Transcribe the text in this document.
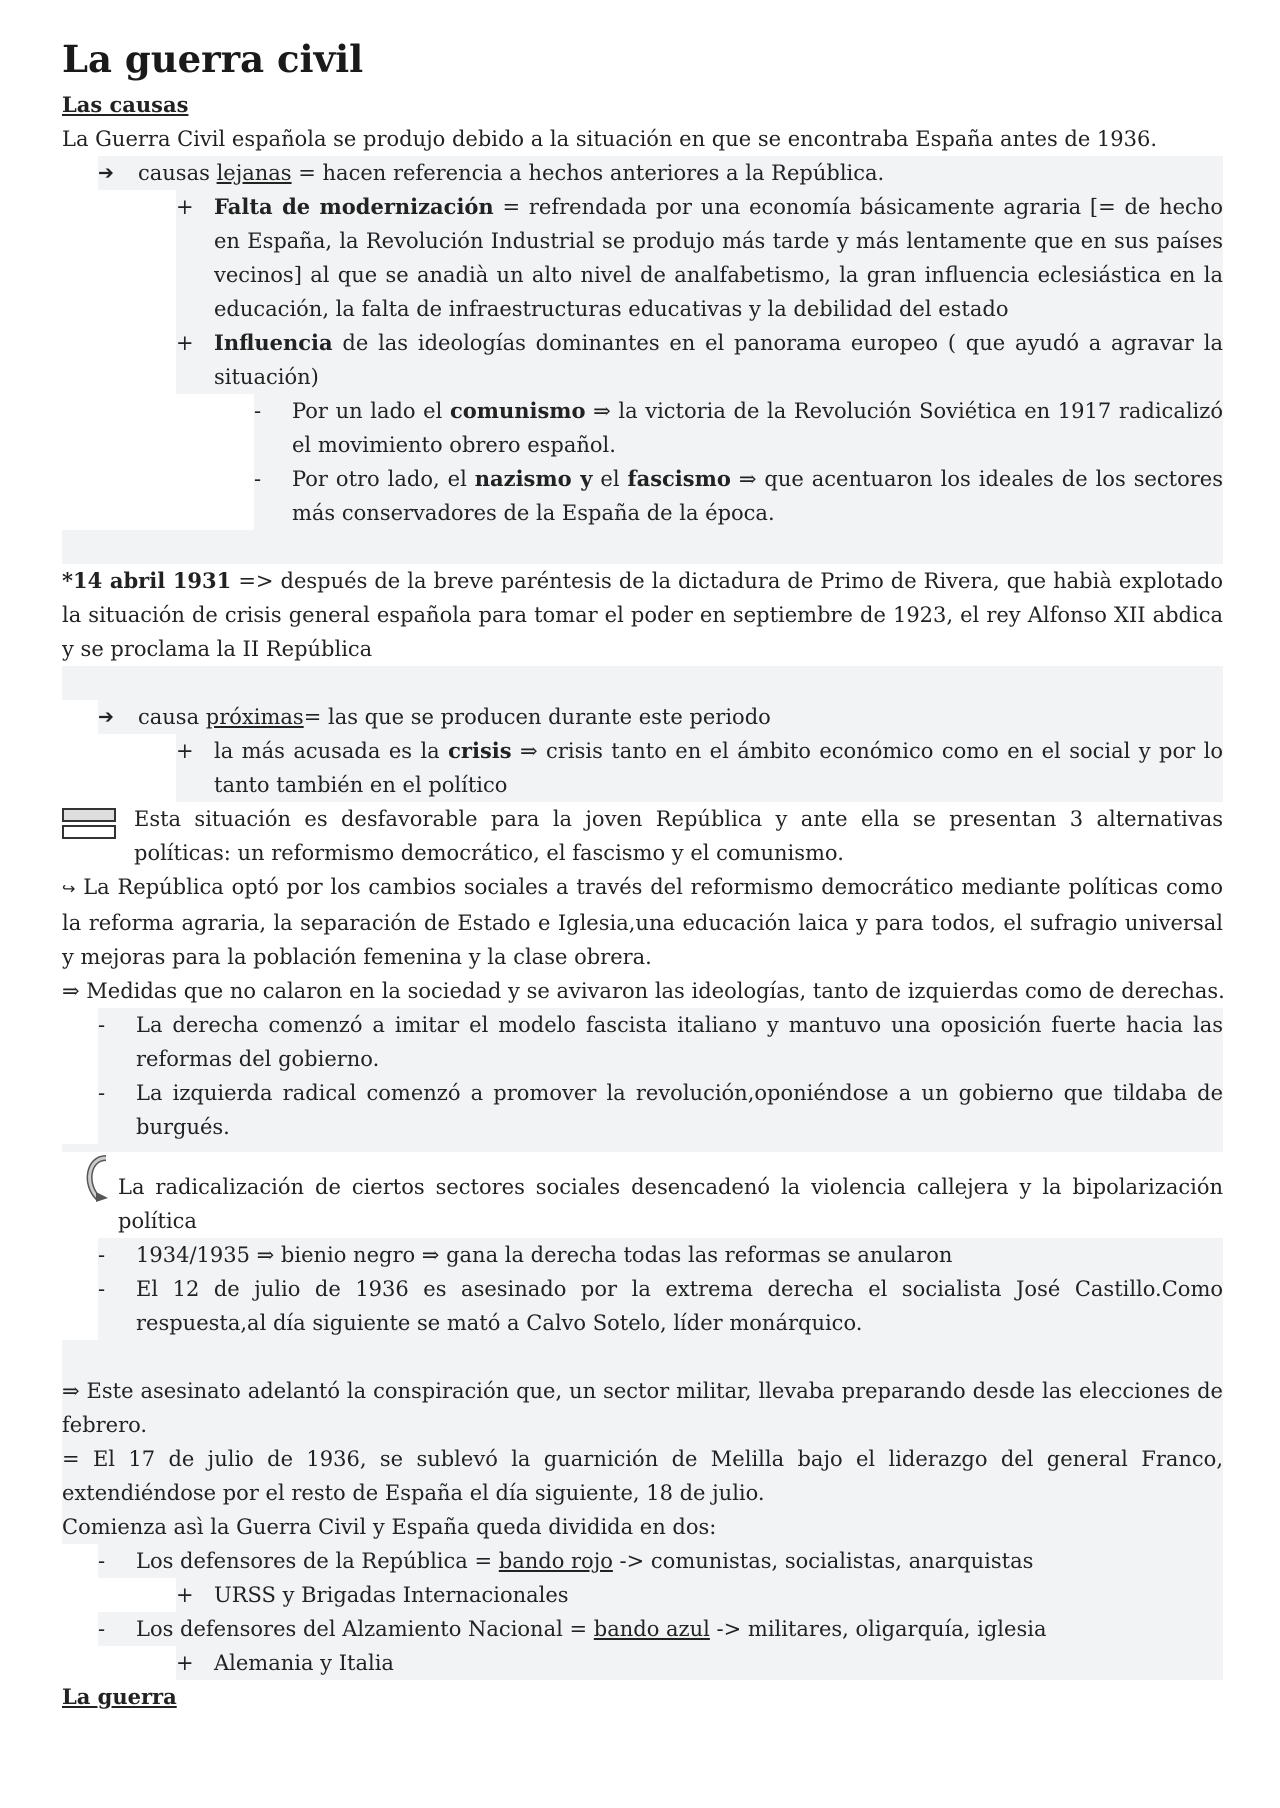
La guerra civil
Las causas
La Guerra Civil española se produjo debido a la situación en que se encontraba España antes de 1936.
➔	causas lejanas = hacen referencia a hechos anteriores a la República.
+ Falta de modernización = refrendada por una economía básicamente agraria [= de hecho en España, la Revolución Industrial se produjo más tarde y más lentamente que en sus países vecinos] al que se anadià un alto nivel de analfabetismo, la gran influencia eclesiástica en la educación, la falta de infraestructuras educativas y la debilidad del estado
+ Influencia de las ideologías dominantes en el panorama europeo ( que ayudó a agravar la situación)
-	Por un lado el comunismo ⇒ la victoria de la Revolución Soviética en 1917 radicalizó el movimiento obrero español.
-	Por otro lado, el nazismo y el fascismo ⇒ que acentuaron los ideales de los sectores más conservadores de la España de la época.
*14 abril 1931 => después de la breve paréntesis de la dictadura de Primo de Rivera, que habià explotado la situación de crisis general española para tomar el poder en septiembre de 1923, el rey Alfonso XII abdica y se proclama la II República
➔	causa próximas= las que se producen durante este periodo
+ la más acusada es la crisis ⇒ crisis tanto en el ámbito económico como en el social y por lo tanto también en el político
Esta situación es desfavorable para la joven República y ante ella se presentan 3 alternativas políticas: un reformismo democrático, el fascismo y el comunismo.
↪ La República optó por los cambios sociales a través del reformismo democrático mediante políticas como la reforma agraria, la separación de Estado e Iglesia,una educación laica y para todos, el sufragio universal y mejoras para la población femenina y la clase obrera.
⇒ Medidas que no calaron en la sociedad y se avivaron las ideologías, tanto de izquierdas como de derechas.
-	La derecha comenzó a imitar el modelo fascista italiano y mantuvo una oposición fuerte hacia las reformas del gobierno.
-	La izquierda radical comenzó a promover la revolución,oponiéndose a un gobierno que tildaba de burgués.
La radicalización de ciertos sectores sociales desencadenó la violencia callejera y la bipolarización política
-	1934/1935 ⇒ bienio negro ⇒ gana la derecha todas las reformas se anularon
-	El 12 de julio de 1936 es asesinado por la extrema derecha el socialista José Castillo.Como respuesta,al día siguiente se mató a Calvo Sotelo, líder monárquico.
⇒ Este asesinato adelantó la conspiración que, un sector militar, llevaba preparando desde las elecciones de febrero.
= El 17 de julio de 1936, se sublevó la guarnición de Melilla bajo el liderazgo del general Franco, extendiéndose por el resto de España el día siguiente, 18 de julio.
Comienza asì la Guerra Civil y España queda dividida en dos:
-	Los defensores de la República = bando rojo -> comunistas, socialistas, anarquistas
+ URSS y Brigadas Internacionales
-	Los defensores del Alzamiento Nacional = bando azul -> militares, oligarquía, iglesia
+ Alemania y Italia
La guerra
